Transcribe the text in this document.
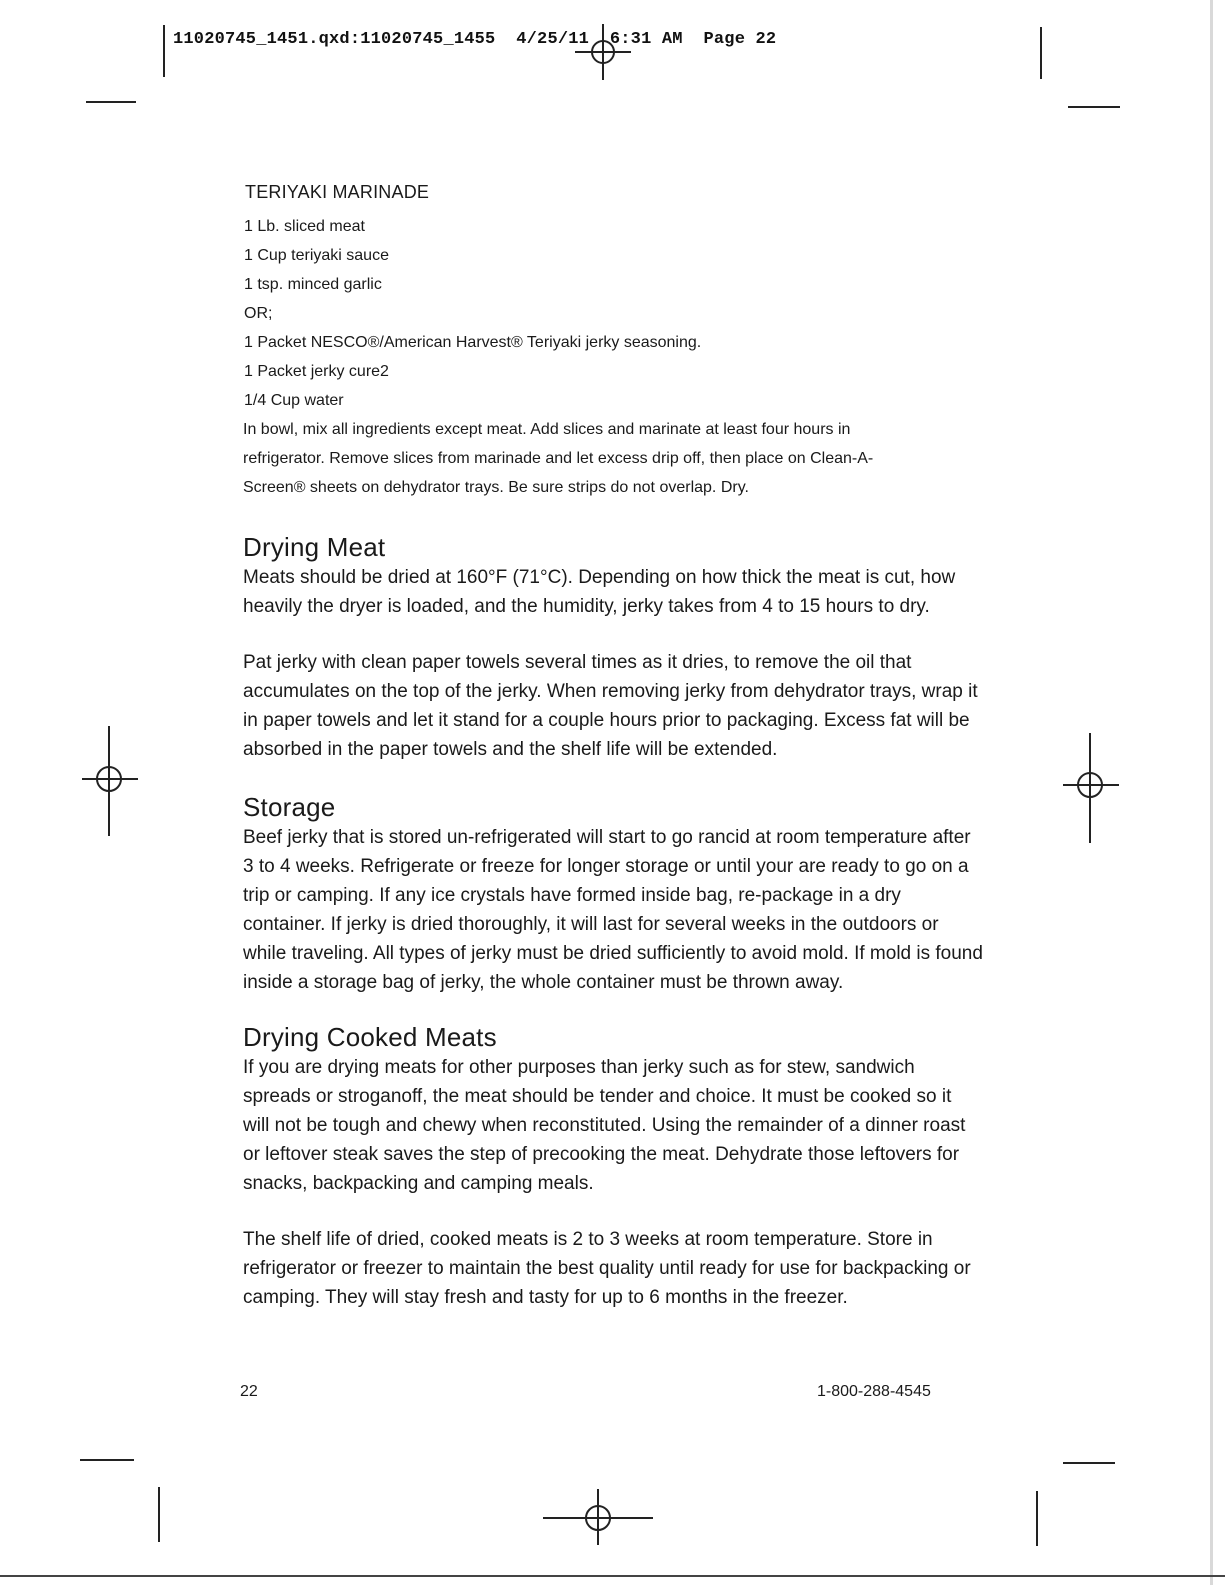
11020745_1451.qxd:11020745_1455  4/25/11  6:31 AM  Page 22
TERIYAKI MARINADE
1 Lb. sliced meat
1 Cup teriyaki sauce
1 tsp. minced garlic
OR;
1 Packet NESCO®/American Harvest® Teriyaki jerky seasoning.
1 Packet jerky cure2
1/4 Cup water

In bowl, mix all ingredients except meat. Add slices and marinate at least four hours in refrigerator. Remove slices from marinade and let excess drip off, then place on Clean-A-Screen® sheets on dehydrator trays. Be sure strips do not overlap. Dry.

Drying Meat

Meats should be dried at 160°F (71°C). Depending on how thick the meat is cut, how heavily the dryer is loaded, and the humidity, jerky takes from 4 to 15 hours to dry.

Pat jerky with clean paper towels several times as it dries, to remove the oil that accumulates on the top of the jerky. When removing jerky from dehydrator trays, wrap it in paper towels and let it stand for a couple hours prior to packaging. Excess fat will be absorbed in the paper towels and the shelf life will be extended.

Storage

Beef jerky that is stored un-refrigerated will start to go rancid at room temperature after 3 to 4 weeks. Refrigerate or freeze for longer storage or until your are ready to go on a trip or camping. If any ice crystals have formed inside bag, re-package in a dry container. If jerky is dried thoroughly, it will last for several weeks in the outdoors or while traveling. All types of jerky must be dried sufficiently to avoid mold. If mold is found inside a storage bag of jerky, the whole container must be thrown away.

Drying Cooked Meats

If you are drying meats for other purposes than jerky such as for stew, sandwich spreads or stroganoff, the meat should be tender and choice. It must be cooked so it will not be tough and chewy when reconstituted. Using the remainder of a dinner roast or leftover steak saves the step of precooking the meat. Dehydrate those leftovers for snacks, backpacking and camping meals.

The shelf life of dried, cooked meats is 2 to 3 weeks at room temperature. Store in refrigerator or freezer to maintain the best quality until ready for use for backpacking or camping. They will stay fresh and tasty for up to 6 months in the freezer.

22	1-800-288-4545
